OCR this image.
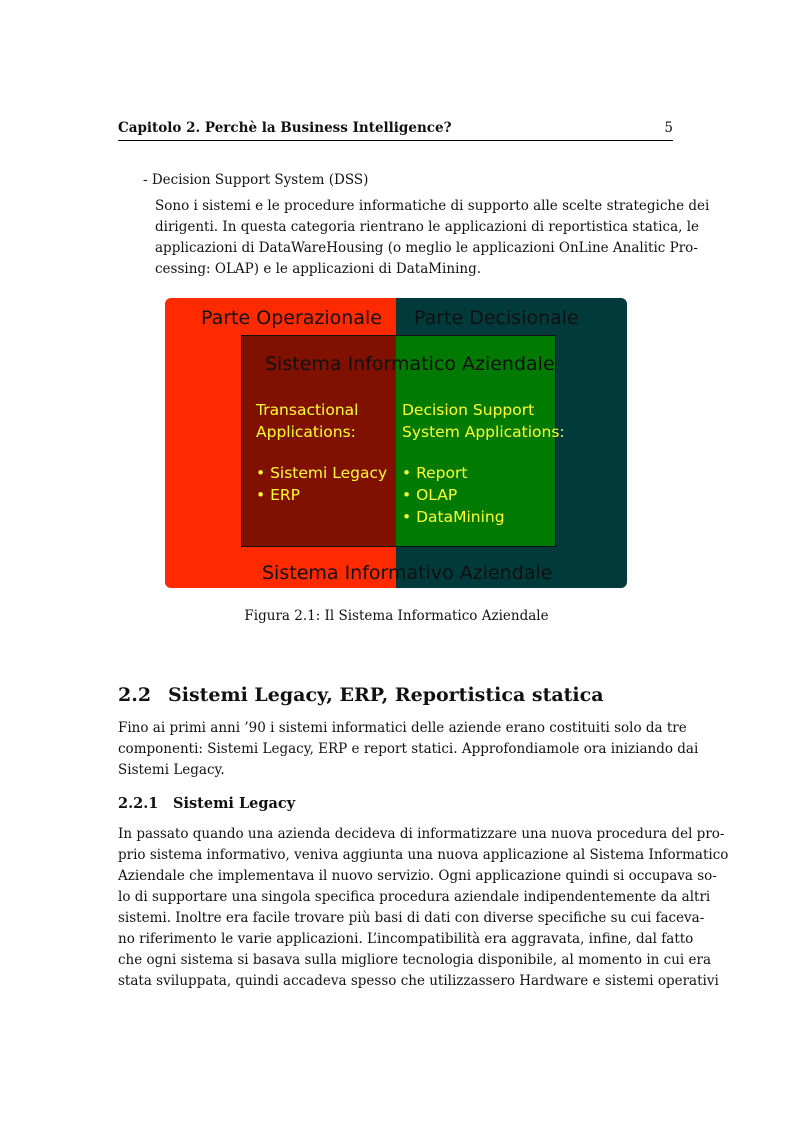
Capitolo 2. Perchè la Business Intelligence?	5
- Decision Support System (DSS)
Sono i sistemi e le procedure informatiche di supporto alle scelte strategiche dei
dirigenti. In questa categoria rientrano le applicazioni di reportistica statica, le
applicazioni di DataWareHousing (o meglio le applicazioni OnLine Analitic Pro-
cessing: OLAP) e le applicazioni di DataMining.
Parte Operazionale Parte Decisionale
Sistema Informatico Aziendale
Sistema Informativo Aziendale
Transactional
Applications:
Decision Support
System Applications:
• Sistemi Legacy
• ERP
• Report
• OLAP
• DataMining
Figura 2.1: Il Sistema Informatico Aziendale
2.2 Sistemi Legacy, ERP, Reportistica statica
Fino ai primi anni ’90 i sistemi informatici delle aziende erano costituiti solo da tre
componenti: Sistemi Legacy, ERP e report statici. Approfondiamole ora iniziando dai
Sistemi Legacy.
2.2.1 Sistemi Legacy
In passato quando una azienda decideva di informatizzare una nuova procedura del pro-
prio sistema informativo, veniva aggiunta una nuova applicazione al Sistema Informatico
Aziendale che implementava il nuovo servizio. Ogni applicazione quindi si occupava so-
lo di supportare una singola specifica procedura aziendale indipendentemente da altri
sistemi. Inoltre era facile trovare più basi di dati con diverse specifiche su cui faceva-
no riferimento le varie applicazioni. L’incompatibilità era aggravata, infine, dal fatto
che ogni sistema si basava sulla migliore tecnologia disponibile, al momento in cui era
stata sviluppata, quindi accadeva spesso che utilizzassero Hardware e sistemi operativi
